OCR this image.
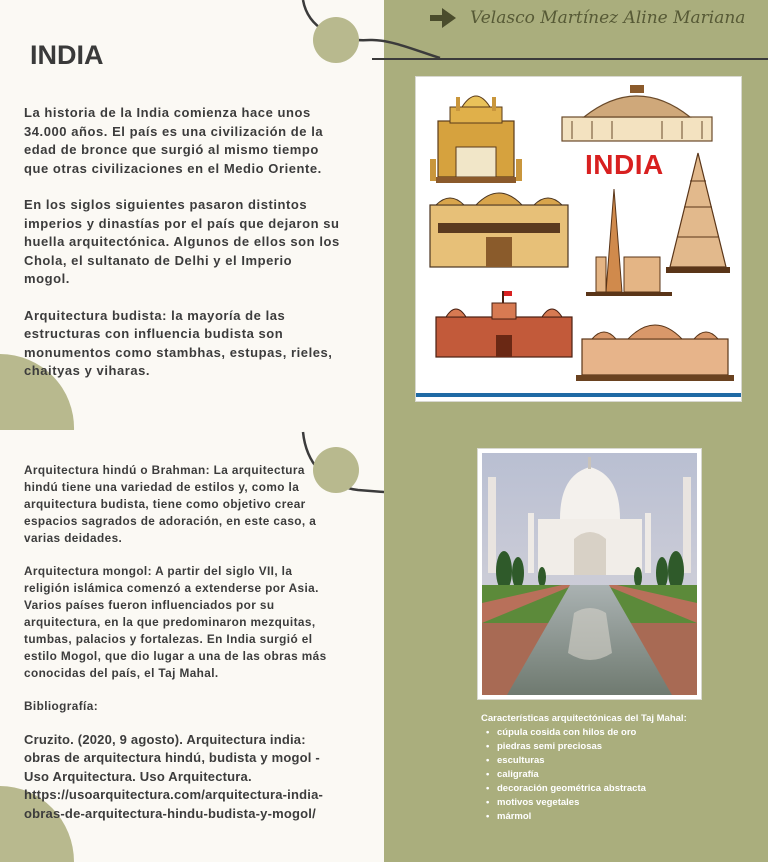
Velasco Martínez Aline Mariana
INDIA

La historia de la India comienza hace unos
34.000 años. El país es una civilización de la
edad de bronce que surgió al mismo tiempo
que otras civilizaciones en el Medio Oriente.

En los siglos siguientes pasaron distintos
imperios y dinastías por el país que dejaron su
huella arquitectónica. Algunos de ellos son los
Chola, el sultanato de Delhi y el Imperio
mogol.

Arquitectura budista: la mayoría de las
estructuras con influencia budista son
monumentos como stambhas, estupas, rieles,
chaityas y viharas.

Arquitectura hindú o Brahman: La arquitectura
hindú tiene una variedad de estilos y, como la
arquitectura budista, tiene como objetivo crear
espacios sagrados de adoración, en este caso, a
varias deidades.

Arquitectura mongol: A partir del siglo VII, la
religión islámica comenzó a extenderse por Asia.
Varios países fueron influenciados por su
arquitectura, en la que predominaron mezquitas,
tumbas, palacios y fortalezas. En India surgió el
estilo Mogol, que dio lugar a una de las obras más
conocidas del país, el Taj Mahal.

Bibliografía:

Cruzito. (2020, 9 agosto). Arquitectura india:
obras de arquitectura hindú, budista y mogol -
Uso Arquitectura. Uso Arquitectura.
https://usoarquitectura.com/arquitectura-india-
obras-de-arquitectura-hindu-budista-y-mogol/

INDIA
Características arquitectónicas del Taj Mahal:
• cúpula cosida con hilos de oro
• piedras semi preciosas
• esculturas
• caligrafía
• decoración geométrica abstracta
• motivos vegetales
• mármol
